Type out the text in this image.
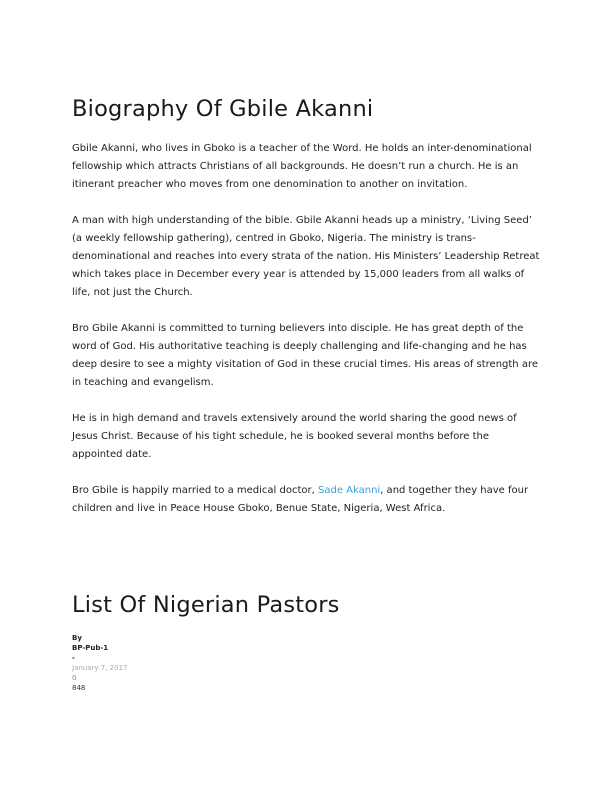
Biography Of Gbile Akanni

Gbile Akanni, who lives in Gboko is a teacher of the Word. He holds an inter-denominational fellowship which attracts Christians of all backgrounds. He doesn’t run a church. He is an itinerant preacher who moves from one denomination to another on invitation.

A man with high understanding of the bible. Gbile Akanni heads up a ministry, ‘Living Seed’ (a weekly fellowship gathering), centred in Gboko, Nigeria. The ministry is trans-denominational and reaches into every strata of the nation. His Ministers’ Leadership Retreat which takes place in December every year is attended by 15,000 leaders from all walks of life, not just the Church.

Bro Gbile Akanni is committed to turning believers into disciple. He has great depth of the word of God. His authoritative teaching is deeply challenging and life-changing and he has deep desire to see a mighty visitation of God in these crucial times. His areas of strength are in teaching and evangelism.

He is in high demand and travels extensively around the world sharing the good news of Jesus Christ. Because of his tight schedule, he is booked several months before the appointed date.

Bro Gbile is happily married to a medical doctor, Sade Akanni, and together they have four children and live in Peace House Gboko, Benue State, Nigeria, West Africa.

List Of Nigerian Pastors
By
BP-Pub-1
-
January 7, 2017
0
848
